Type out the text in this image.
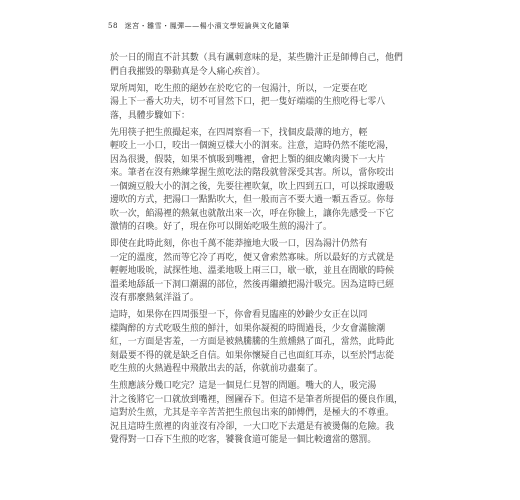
58 迷宮・雛雪・鳳彈——楊小濱文學短論與文化隨筆
於一日的閒直不計其數（具有諷刺意味的是，某些膽汁正是師傅自己，他們
們自我摧毀的舉動真是令人痛心疾首）。
眾所周知，吃生煎的絕妙在於吃它的一包湯汁，所以，一定要在吃
湯上下一番大功夫，切不可冒然下口，把一隻好端端的生煎吃得七零八
落，具體步驟如下：
先用筷子把生煎撮起來，在四周察看一下，找個皮最薄的地方，輕
輕咬上一小口，咬出一個豌豆樣大小的洞來。注意，這時仍然不能吃湯，
因為很燙，假裝，如果不慎吸到嘴裡，會把上顎的細皮嫩肉燙下一大片
來。筆者在沒有熟練掌握生煎吃法的階段就曾深受其害。所以，當你咬出
一個豌豆般大小的洞之後，先要往裡吹氣，吹上四到五口，可以採取邊吸
邊吹的方式，把湯口一點點吹大，但一般而言不要大過一顆五香豆。你每
吹一次，餡湯裡的熱氣也就散出來一次，呼在你臉上，讓你先感受一下它
激情的召喚。好了，現在你可以開始吃吸生煎的湯汁了。
即使在此時此刻，你也千萬不能莽撞地大吸一口，因為湯汁仍然有
一定的溫度，然而等它冷了再吃，便又會索然寡味。所以最好的方式就是
輕輕地吸吮，試探性地、溫柔地吸上兩三口，歇一歇，並且在間歇的時候
溫柔地舔舐一下洞口潮濕的部位，然後再繼續把湯汁吸完。因為這時已經
沒有那麼熱氣洋溢了。
這時，如果你在四周張望一下，你會看見臨座的妙齡少女正在以同
樣陶醉的方式吃吸生煎的鮮汁，如果你凝視的時間過長，少女會滿臉潮
紅，一方面是害羞，一方面是被熱騰騰的生煎燻熱了面孔，當然，此時此
刻最要不得的就是缺乏自信。如果你懷疑自己也面紅耳赤，以至於鬥志從
吃生煎的火熱過程中飛散出去的話，你就前功盡棄了。
生煎應該分幾口吃完？這是一個見仁見智的問題。嘴大的人，吸完湯
汁之後將它一口就放到嘴裡，囫圇吞下。但這不是筆者所提倡的優良作風，
這對於生煎，尤其是辛辛苦苦把生煎包出來的師傅們，是極大的不尊重。
況且這時生煎裡的肉並沒有冷卻，一大口吃下去還是有被燙傷的危險。我
覺得對一口吞下生煎的吃客，饕餮食道可能是一個比較適當的懲罰。
